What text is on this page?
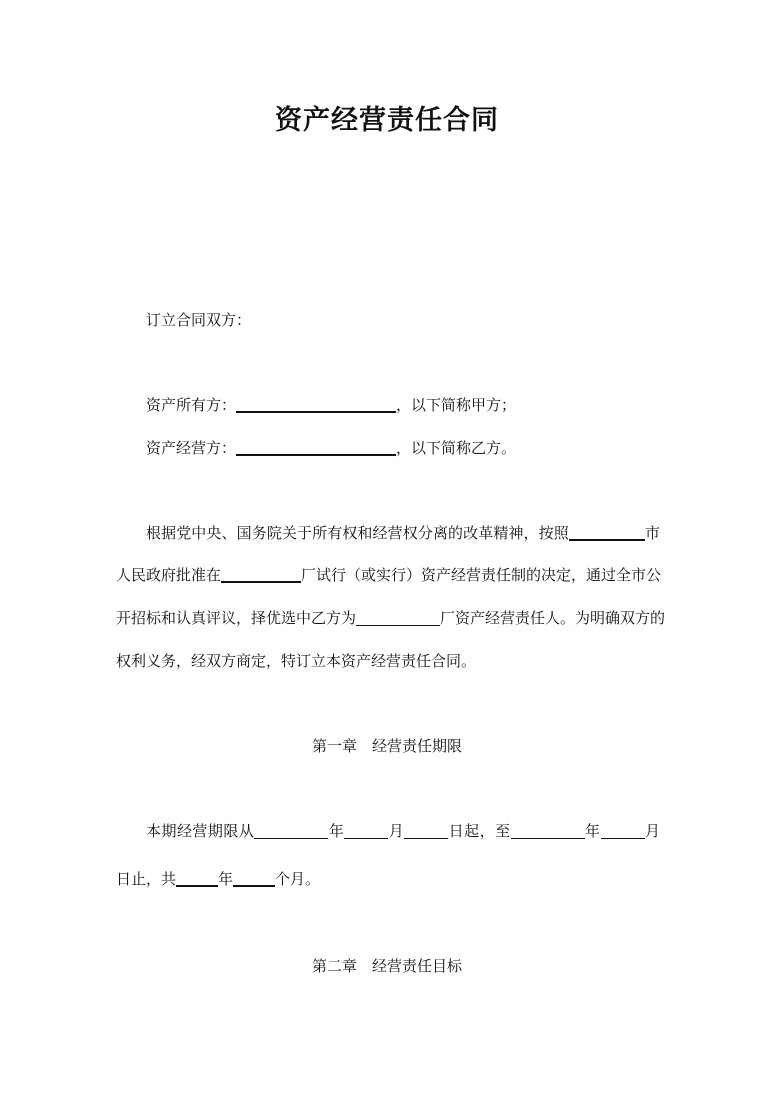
资产经营责任合同
订立合同双方：
资产所有方：	，以下简称甲方；
资产经营方：	，以下简称乙方。
根据党中央、国务院关于所有权和经营权分离的改革精神，按照	市
人民政府批准在	厂试行（或实行）资产经营责任制的决定，通过全市公
开招标和认真评议，择优选中乙方为	厂资产经营责任人。为明确双方的
权利义务，经双方商定，特订立本资产经营责任合同。
第一章　经营责任期限
本期经营期限从	年	月	日起，至	年	月
日止，共	年	个月。
第二章　经营责任目标
